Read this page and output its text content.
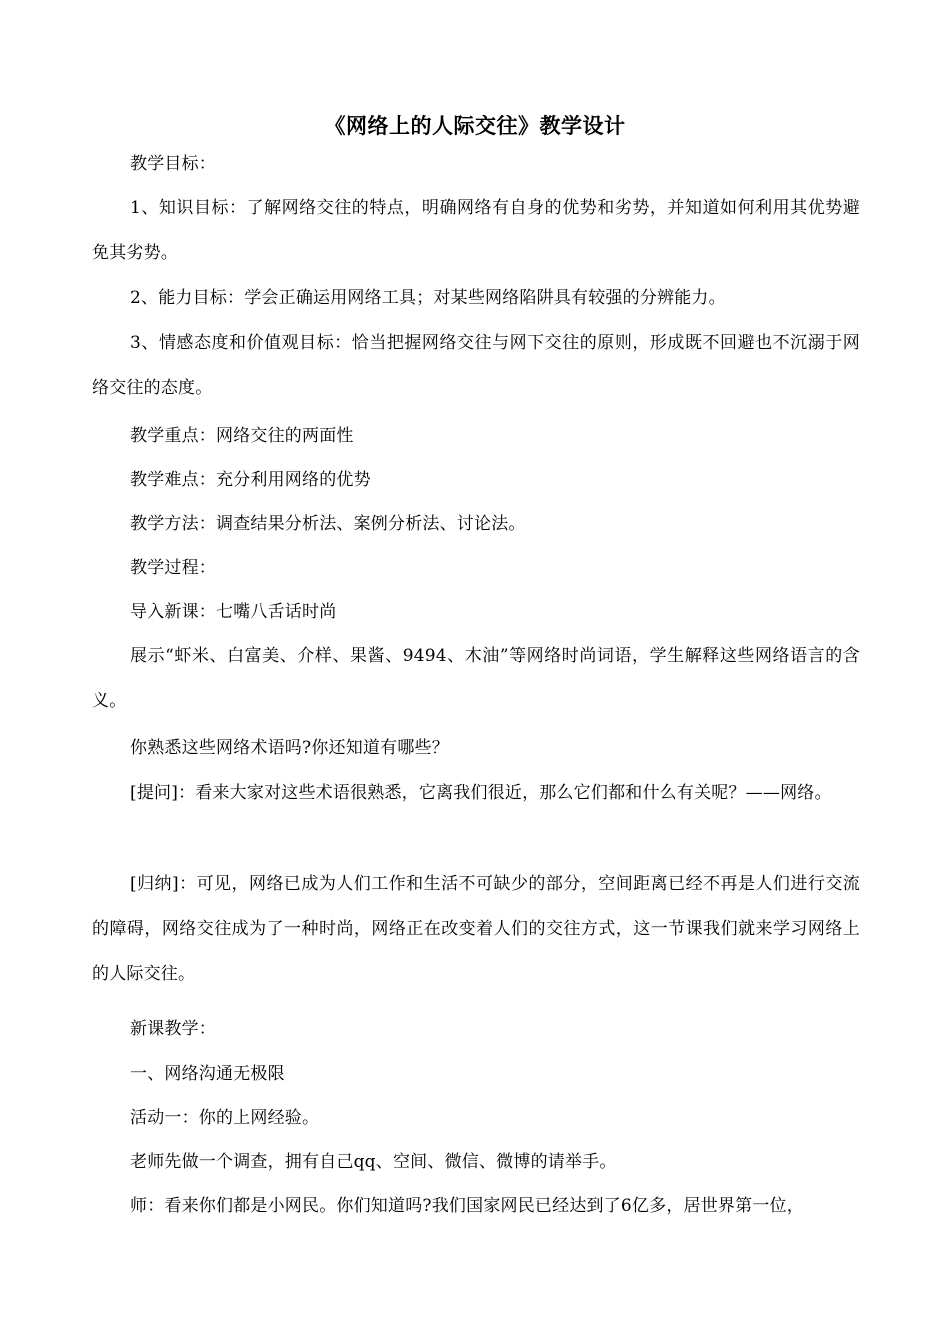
《网络上的人际交往》教学设计

教学目标：

1、知识目标：了解网络交往的特点，明确网络有自身的优势和劣势，并知道如何利用其优势避免其劣势。

2、能力目标：学会正确运用网络工具；对某些网络陷阱具有较强的分辨能力。

3、情感态度和价值观目标：恰当把握网络交往与网下交往的原则，形成既不回避也不沉溺于网络交往的态度。

教学重点：网络交往的两面性

教学难点：充分利用网络的优势

教学方法：调查结果分析法、案例分析法、讨论法。

教学过程：

导入新课：七嘴八舌话时尚

展示“虾米、白富美、介样、果酱、9494、木油”等网络时尚词语，学生解释这些网络语言的含义。

你熟悉这些网络术语吗?你还知道有哪些？

[提问]：看来大家对这些术语很熟悉，它离我们很近，那么它们都和什么有关呢？——网络。

[归纳]：可见，网络已成为人们工作和生活不可缺少的部分，空间距离已经不再是人们进行交流的障碍，网络交往成为了一种时尚，网络正在改变着人们的交往方式，这一节课我们就来学习网络上的人际交往。

新课教学：

一、网络沟通无极限

活动一：你的上网经验。

老师先做一个调查，拥有自己qq、空间、微信、微博的请举手。

师：看来你们都是小网民。你们知道吗?我们国家网民已经达到了6亿多，居世界第一位，
